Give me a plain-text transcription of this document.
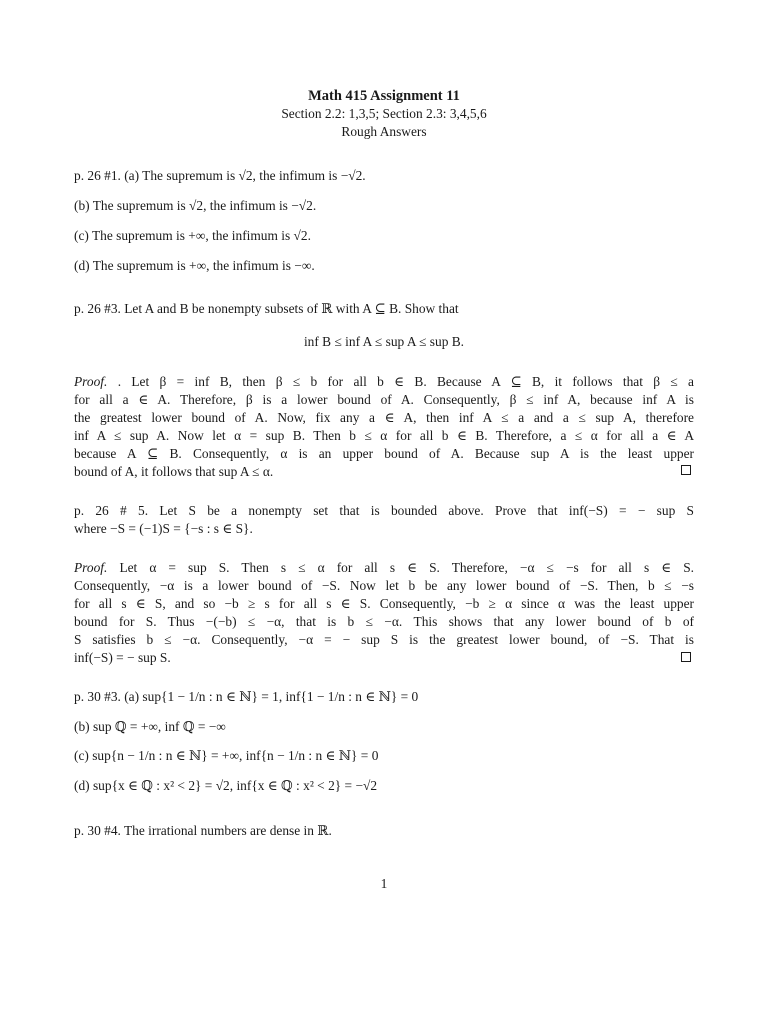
Math 415 Assignment 11
Section 2.2: 1,3,5; Section 2.3: 3,4,5,6
Rough Answers
p. 26 #1. (a) The supremum is √2, the infimum is −√2.
(b) The supremum is √2, the infimum is −√2.
(c) The supremum is +∞, the infimum is √2.
(d) The supremum is +∞, the infimum is −∞.
p. 26 #3. Let A and B be nonempty subsets of ℝ with A ⊆ B. Show that
inf B ≤ inf A ≤ sup A ≤ sup B.
Proof. . Let β = inf B, then β ≤ b for all b ∈ B. Because A ⊆ B, it follows that β ≤ a
for all a ∈ A. Therefore, β is a lower bound of A. Consequently, β ≤ inf A, because inf A is
the greatest lower bound of A. Now, fix any a ∈ A, then inf A ≤ a and a ≤ sup A, therefore
inf A ≤ sup A. Now let α = sup B. Then b ≤ α for all b ∈ B. Therefore, a ≤ α for all a ∈ A
because A ⊆ B. Consequently, α is an upper bound of A. Because sup A is the least upper
bound of A, it follows that sup A ≤ α.
p. 26 # 5. Let S be a nonempty set that is bounded above. Prove that inf(−S) = − sup S
where −S = (−1)S = {−s : s ∈ S}.
Proof. Let α = sup S. Then s ≤ α for all s ∈ S. Therefore, −α ≤ −s for all s ∈ S.
Consequently, −α is a lower bound of −S. Now let b be any lower bound of −S. Then, b ≤ −s
for all s ∈ S, and so −b ≥ s for all s ∈ S. Consequently, −b ≥ α since α was the least upper
bound for S. Thus −(−b) ≤ −α, that is b ≤ −α. This shows that any lower bound of b of
S satisfies b ≤ −α. Consequently, −α = − sup S is the greatest lower bound, of −S. That is
inf(−S) = − sup S.
p. 30 #3. (a) sup{1 − 1/n : n ∈ ℕ} = 1, inf{1 − 1/n : n ∈ ℕ} = 0
(b) sup ℚ = +∞, inf ℚ = −∞
(c) sup{n − 1/n : n ∈ ℕ} = +∞, inf{n − 1/n : n ∈ ℕ} = 0
(d) sup{x ∈ ℚ : x² < 2} = √2, inf{x ∈ ℚ : x² < 2} = −√2
p. 30 #4. The irrational numbers are dense in ℝ.
1
